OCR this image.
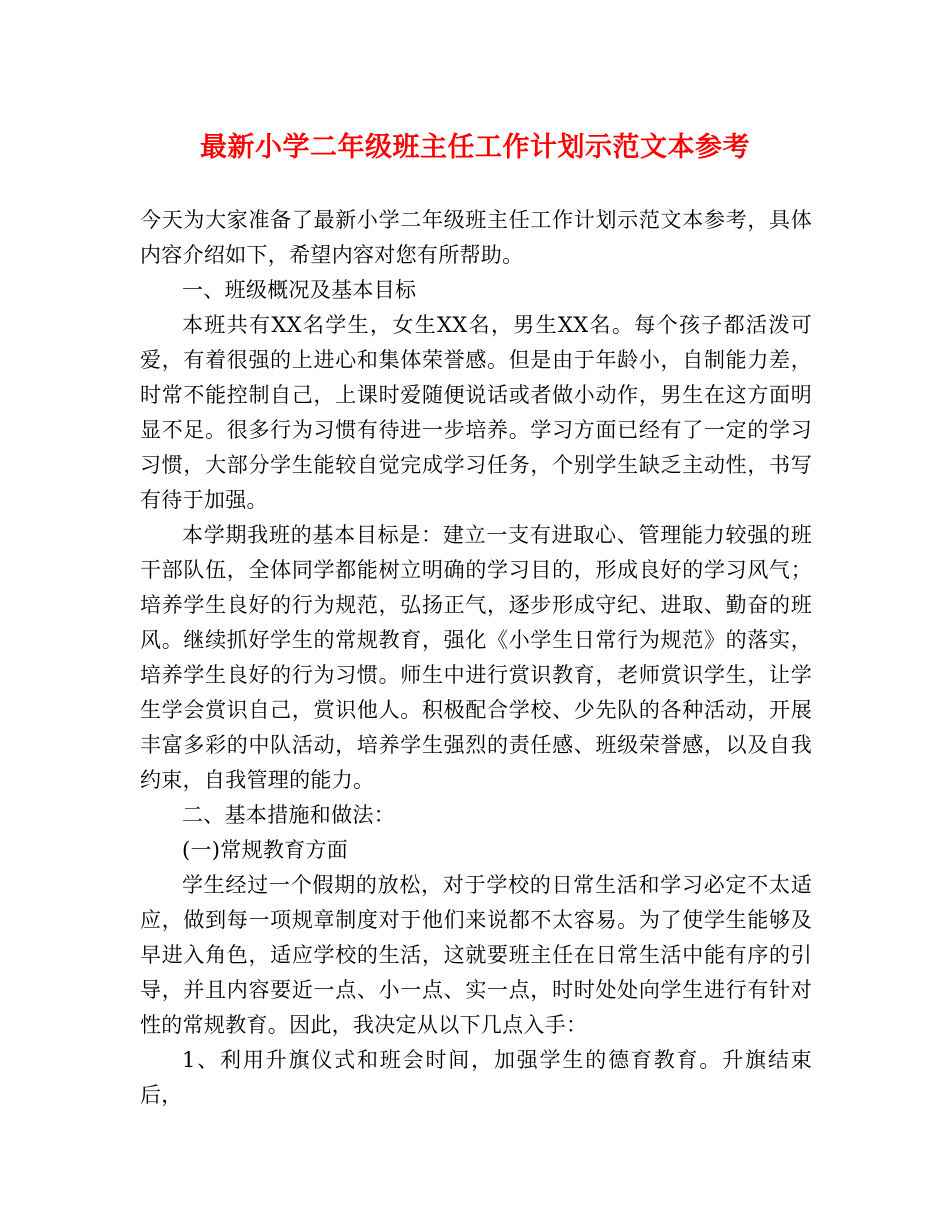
最新小学二年级班主任工作计划示范文本参考

今天为大家准备了最新小学二年级班主任工作计划示范文本参考，具体内容介绍如下，希望内容对您有所帮助。

一、班级概况及基本目标

本班共有XX名学生，女生XX名，男生XX名。每个孩子都活泼可爱，有着很强的上进心和集体荣誉感。但是由于年龄小，自制能力差，时常不能控制自己，上课时爱随便说话或者做小动作，男生在这方面明显不足。很多行为习惯有待进一步培养。学习方面已经有了一定的学习习惯，大部分学生能较自觉完成学习任务，个别学生缺乏主动性，书写有待于加强。

本学期我班的基本目标是：建立一支有进取心、管理能力较强的班干部队伍，全体同学都能树立明确的学习目的，形成良好的学习风气；培养学生良好的行为规范，弘扬正气，逐步形成守纪、进取、勤奋的班风。继续抓好学生的常规教育，强化《小学生日常行为规范》的落实，培养学生良好的行为习惯。师生中进行赏识教育，老师赏识学生，让学生学会赏识自己，赏识他人。积极配合学校、少先队的各种活动，开展丰富多彩的中队活动，培养学生强烈的责任感、班级荣誉感，以及自我约束，自我管理的能力。

二、基本措施和做法：

(一)常规教育方面

学生经过一个假期的放松，对于学校的日常生活和学习必定不太适应，做到每一项规章制度对于他们来说都不太容易。为了使学生能够及早进入角色，适应学校的生活，这就要班主任在日常生活中能有序的引导，并且内容要近一点、小一点、实一点，时时处处向学生进行有针对性的常规教育。因此，我决定从以下几点入手：

1、利用升旗仪式和班会时间，加强学生的德育教育。升旗结束后，
